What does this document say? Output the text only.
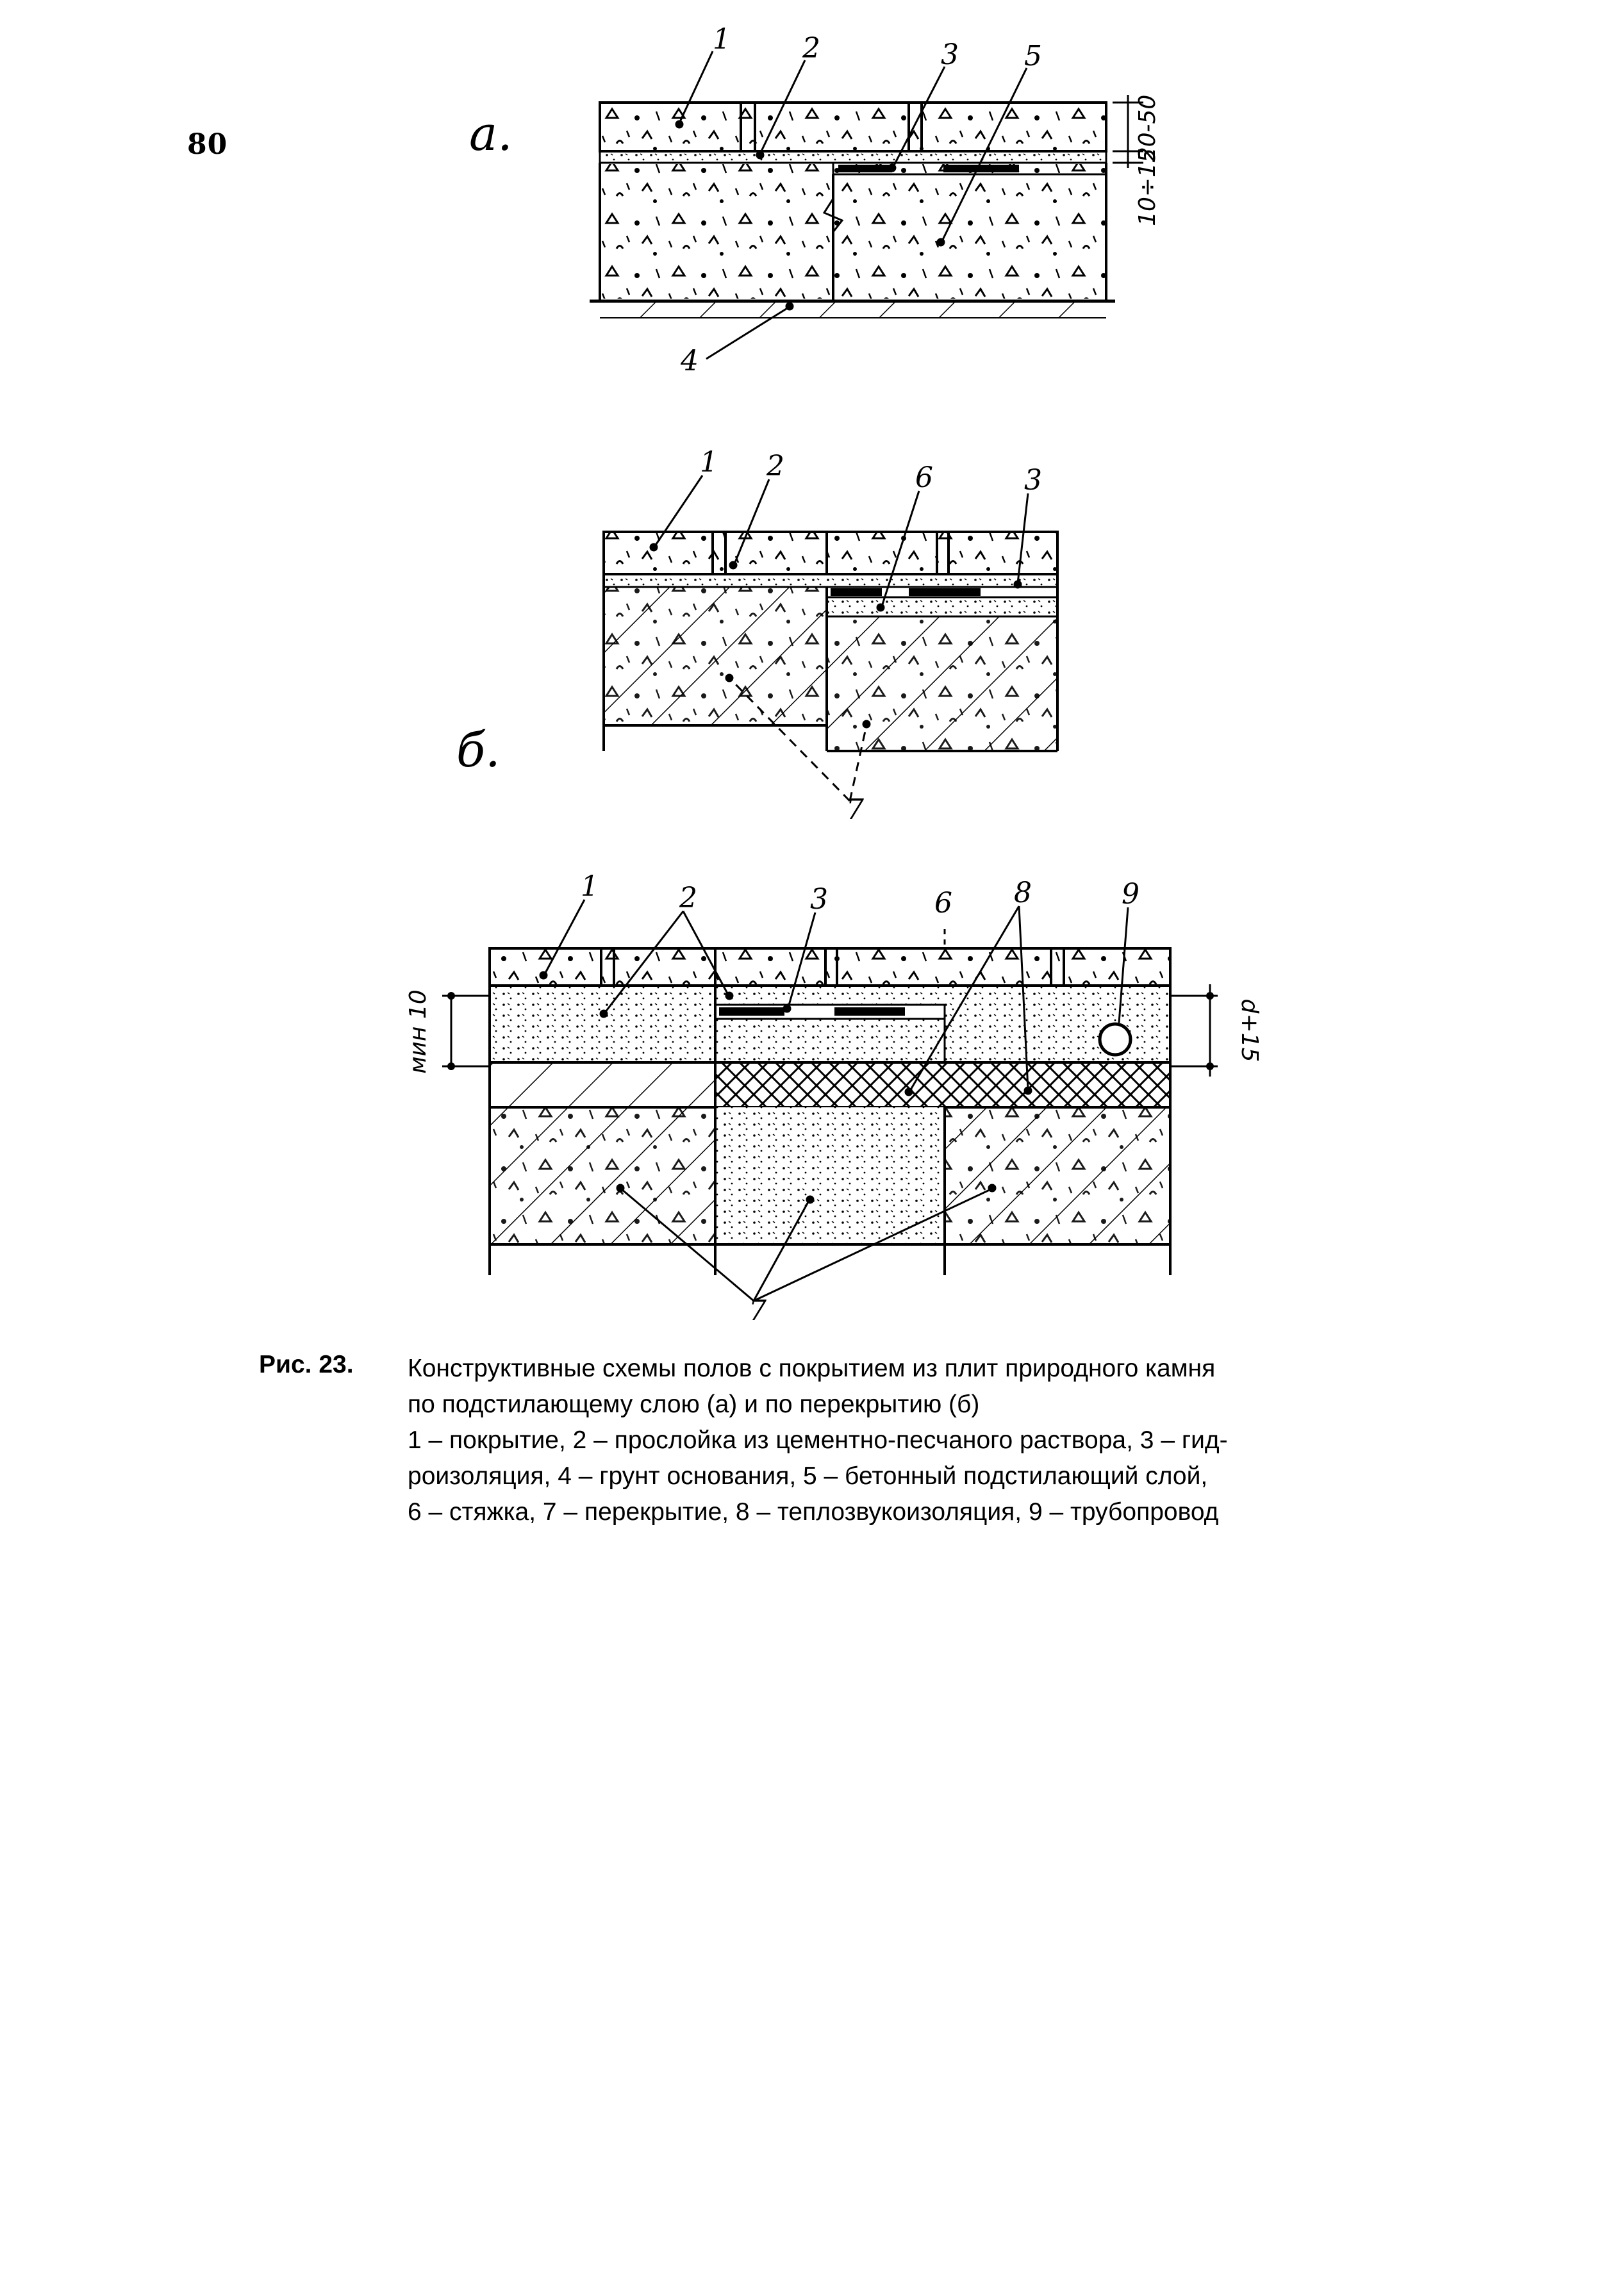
80
1	2	3 5
4
а.	20-50
10÷15
1 2	6	3
7
б.
1	2	3	6 8	9
7
мин 10	d+15
Рис. 23. Конструктивные схемы полов с покрытием из плит природного камня
по подстилающему слою (а) и по перекрытию (б)
1 – покрытие, 2 – прослойка из цементно-песчаного раствора, 3 – гид-
роизоляция, 4 – грунт основания, 5 – бетонный подстилающий слой,
6 – стяжка, 7 – перекрытие, 8 – теплозвукоизоляция, 9 – трубопровод
